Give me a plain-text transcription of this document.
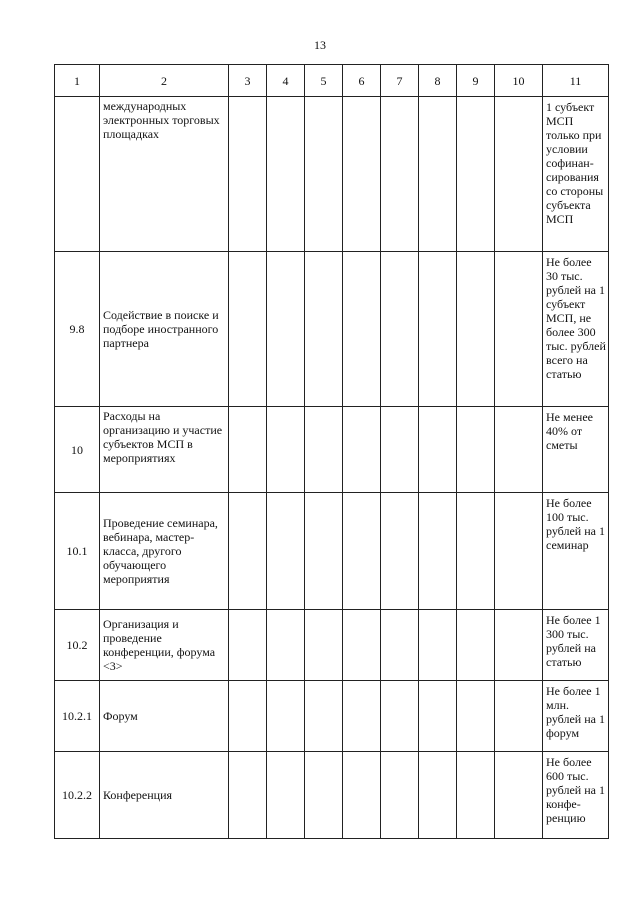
13
1	2	3	4	5	6	7	8	9	10	11
	международных электронных торговых площадках									1 субъект МСП только при условии софинан-сирования со стороны субъекта МСП
9.8	Содействие в поиске и подборе иностранного партнера									Не более 30 тыс. рублей на 1 субъект МСП, не более 300 тыс. рублей всего на статью
10	Расходы на организацию и участие субъектов МСП в мероприятиях									Не менее 40% от сметы
10.1	Проведение семинара, вебинара, мастер-класса, другого обучающего мероприятия									Не более 100 тыс. рублей на 1 семинар
10.2	Организация и проведение конференции, форума <3>									Не более 1 300 тыс. рублей на статью
10.2.1	Форум									Не более 1 млн. рублей на 1 форум
10.2.2	Конференция									Не более 600 тыс. рублей на 1 конфе-ренцию
